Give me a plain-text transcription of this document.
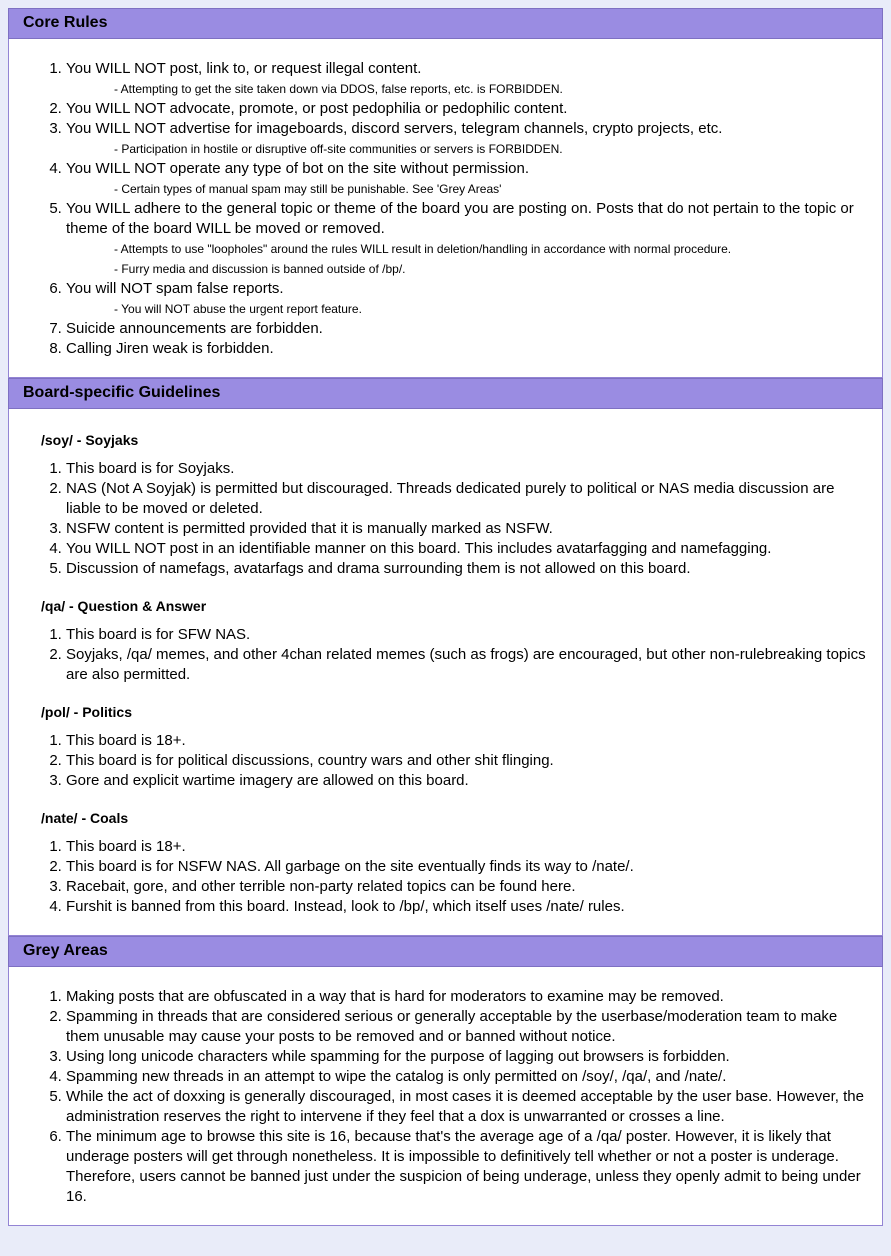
Core Rules
1. You WILL NOT post, link to, or request illegal content.
- Attempting to get the site taken down via DDOS, false reports, etc. is FORBIDDEN.
2. You WILL NOT advocate, promote, or post pedophilia or pedophilic content.
3. You WILL NOT advertise for imageboards, discord servers, telegram channels, crypto projects, etc.
- Participation in hostile or disruptive off-site communities or servers is FORBIDDEN.
4. You WILL NOT operate any type of bot on the site without permission.
- Certain types of manual spam may still be punishable. See 'Grey Areas'
5. You WILL adhere to the general topic or theme of the board you are posting on. Posts that do not pertain to the topic or theme of the board WILL be moved or removed.
- Attempts to use "loopholes" around the rules WILL result in deletion/handling in accordance with normal procedure.
- Furry media and discussion is banned outside of /bp/.
6. You will NOT spam false reports.
- You will NOT abuse the urgent report feature.
7. Suicide announcements are forbidden.
8. Calling Jiren weak is forbidden.
Board-specific Guidelines
/soy/ - Soyjaks
1. This board is for Soyjaks.
2. NAS (Not A Soyjak) is permitted but discouraged. Threads dedicated purely to political or NAS media discussion are liable to be moved or deleted.
3. NSFW content is permitted provided that it is manually marked as NSFW.
4. You WILL NOT post in an identifiable manner on this board. This includes avatarfagging and namefagging.
5. Discussion of namefags, avatarfags and drama surrounding them is not allowed on this board.
/qa/ - Question & Answer
1. This board is for SFW NAS.
2. Soyjaks, /qa/ memes, and other 4chan related memes (such as frogs) are encouraged, but other non-rulebreaking topics are also permitted.
/pol/ - Politics
1. This board is 18+.
2. This board is for political discussions, country wars and other shit flinging.
3. Gore and explicit wartime imagery are allowed on this board.
/nate/ - Coals
1. This board is 18+.
2. This board is for NSFW NAS. All garbage on the site eventually finds its way to /nate/.
3. Racebait, gore, and other terrible non-party related topics can be found here.
4. Furshit is banned from this board. Instead, look to /bp/, which itself uses /nate/ rules.
Grey Areas
1. Making posts that are obfuscated in a way that is hard for moderators to examine may be removed.
2. Spamming in threads that are considered serious or generally acceptable by the userbase/moderation team to make them unusable may cause your posts to be removed and or banned without notice.
3. Using long unicode characters while spamming for the purpose of lagging out browsers is forbidden.
4. Spamming new threads in an attempt to wipe the catalog is only permitted on /soy/, /qa/, and /nate/.
5. While the act of doxxing is generally discouraged, in most cases it is deemed acceptable by the user base. However, the administration reserves the right to intervene if they feel that a dox is unwarranted or crosses a line.
6. The minimum age to browse this site is 16, because that's the average age of a /qa/ poster. However, it is likely that underage posters will get through nonetheless. It is impossible to definitively tell whether or not a poster is underage. Therefore, users cannot be banned just under the suspicion of being underage, unless they openly admit to being under 16.
